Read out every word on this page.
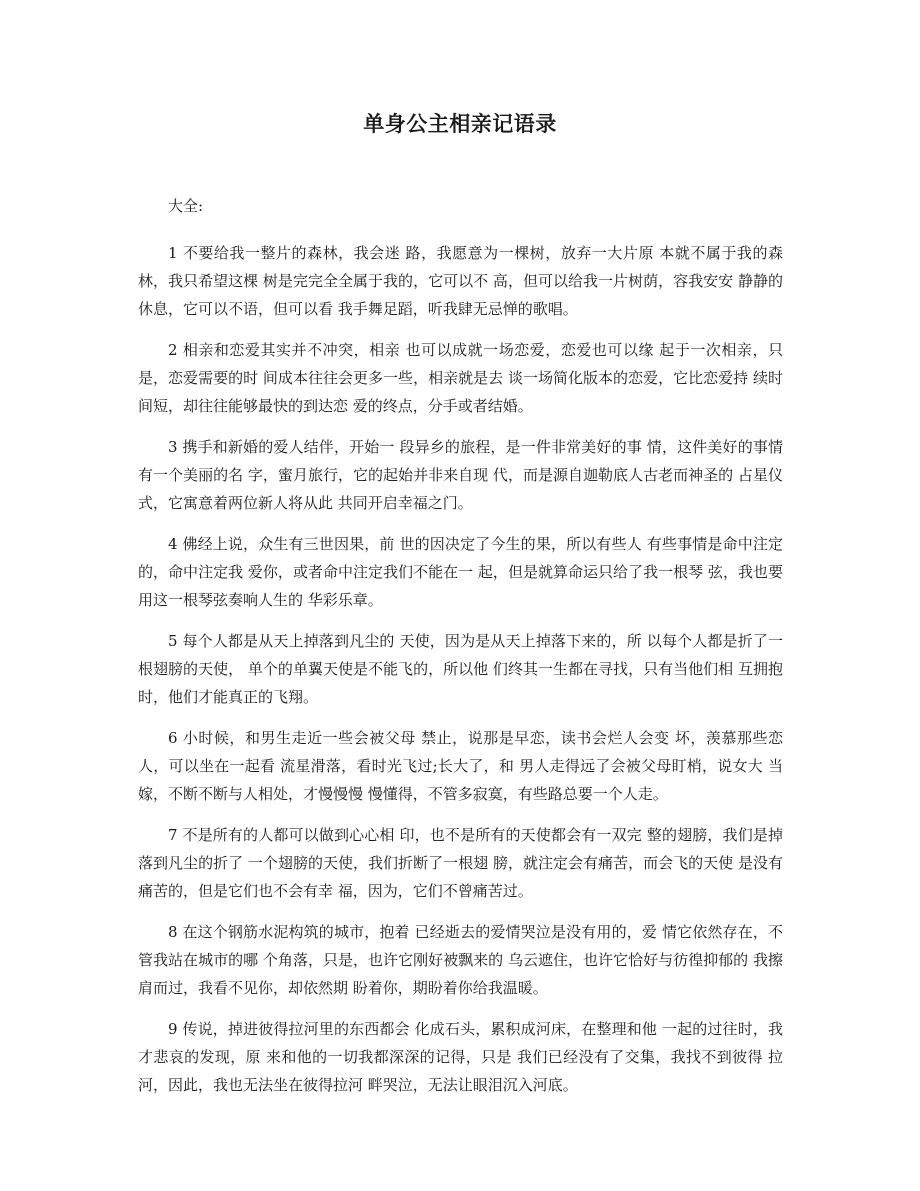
单身公主相亲记语录

大全:

1 不要给我一整片的森林，我会迷 路，我愿意为一棵树，放弃一大片原 本就不属于我的森林，我只希望这棵 树是完完全全属于我的，它可以不 高，但可以给我一片树荫，容我安安 静静的休息，它可以不语，但可以看 我手舞足蹈，听我肆无忌惮的歌唱。

2 相亲和恋爱其实并不冲突，相亲 也可以成就一场恋爱，恋爱也可以缘 起于一次相亲，只是，恋爱需要的时 间成本往往会更多一些，相亲就是去 谈一场简化版本的恋爱，它比恋爱持 续时间短，却往往能够最快的到达恋 爱的终点，分手或者结婚。

3 携手和新婚的爱人结伴，开始一 段异乡的旅程，是一件非常美好的事 情，这件美好的事情有一个美丽的名 字，蜜月旅行，它的起始并非来自现 代，而是源自迦勒底人古老而神圣的 占星仪式，它寓意着两位新人将从此 共同开启幸福之门。

4 佛经上说，众生有三世因果，前 世的因决定了今生的果，所以有些人 有些事情是命中注定的，命中注定我 爱你，或者命中注定我们不能在一 起，但是就算命运只给了我一根琴 弦，我也要用这一根琴弦奏响人生的 华彩乐章。

5 每个人都是从天上掉落到凡尘的 天使，因为是从天上掉落下来的，所 以每个人都是折了一根翅膀的天使， 单个的单翼天使是不能飞的，所以他 们终其一生都在寻找，只有当他们相 互拥抱时，他们才能真正的飞翔。

6 小时候，和男生走近一些会被父母 禁止，说那是早恋，读书会烂人会变 坏，羡慕那些恋人，可以坐在一起看 流星滑落，看时光飞过;长大了，和 男人走得远了会被父母盯梢，说女大 当嫁，不断不断与人相处，才慢慢慢 慢懂得，不管多寂寞，有些路总要一个人走。

7 不是所有的人都可以做到心心相 印，也不是所有的天使都会有一双完 整的翅膀，我们是掉落到凡尘的折了 一个翅膀的天使，我们折断了一根翅 膀，就注定会有痛苦，而会飞的天使 是没有痛苦的，但是它们也不会有幸 福，因为，它们不曾痛苦过。

8 在这个钢筋水泥构筑的城市，抱着 已经逝去的爱情哭泣是没有用的，爱 情它依然存在，不管我站在城市的哪 个角落，只是，也许它刚好被飘来的 乌云遮住，也许它恰好与彷徨抑郁的 我擦肩而过，我看不见你，却依然期 盼着你，期盼着你给我温暖。

9 传说，掉进彼得拉河里的东西都会 化成石头，累积成河床，在整理和他 一起的过往时，我才悲哀的发现，原 来和他的一切我都深深的记得，只是 我们已经没有了交集，我找不到彼得 拉河，因此，我也无法坐在彼得拉河 畔哭泣，无法让眼泪沉入河底。
